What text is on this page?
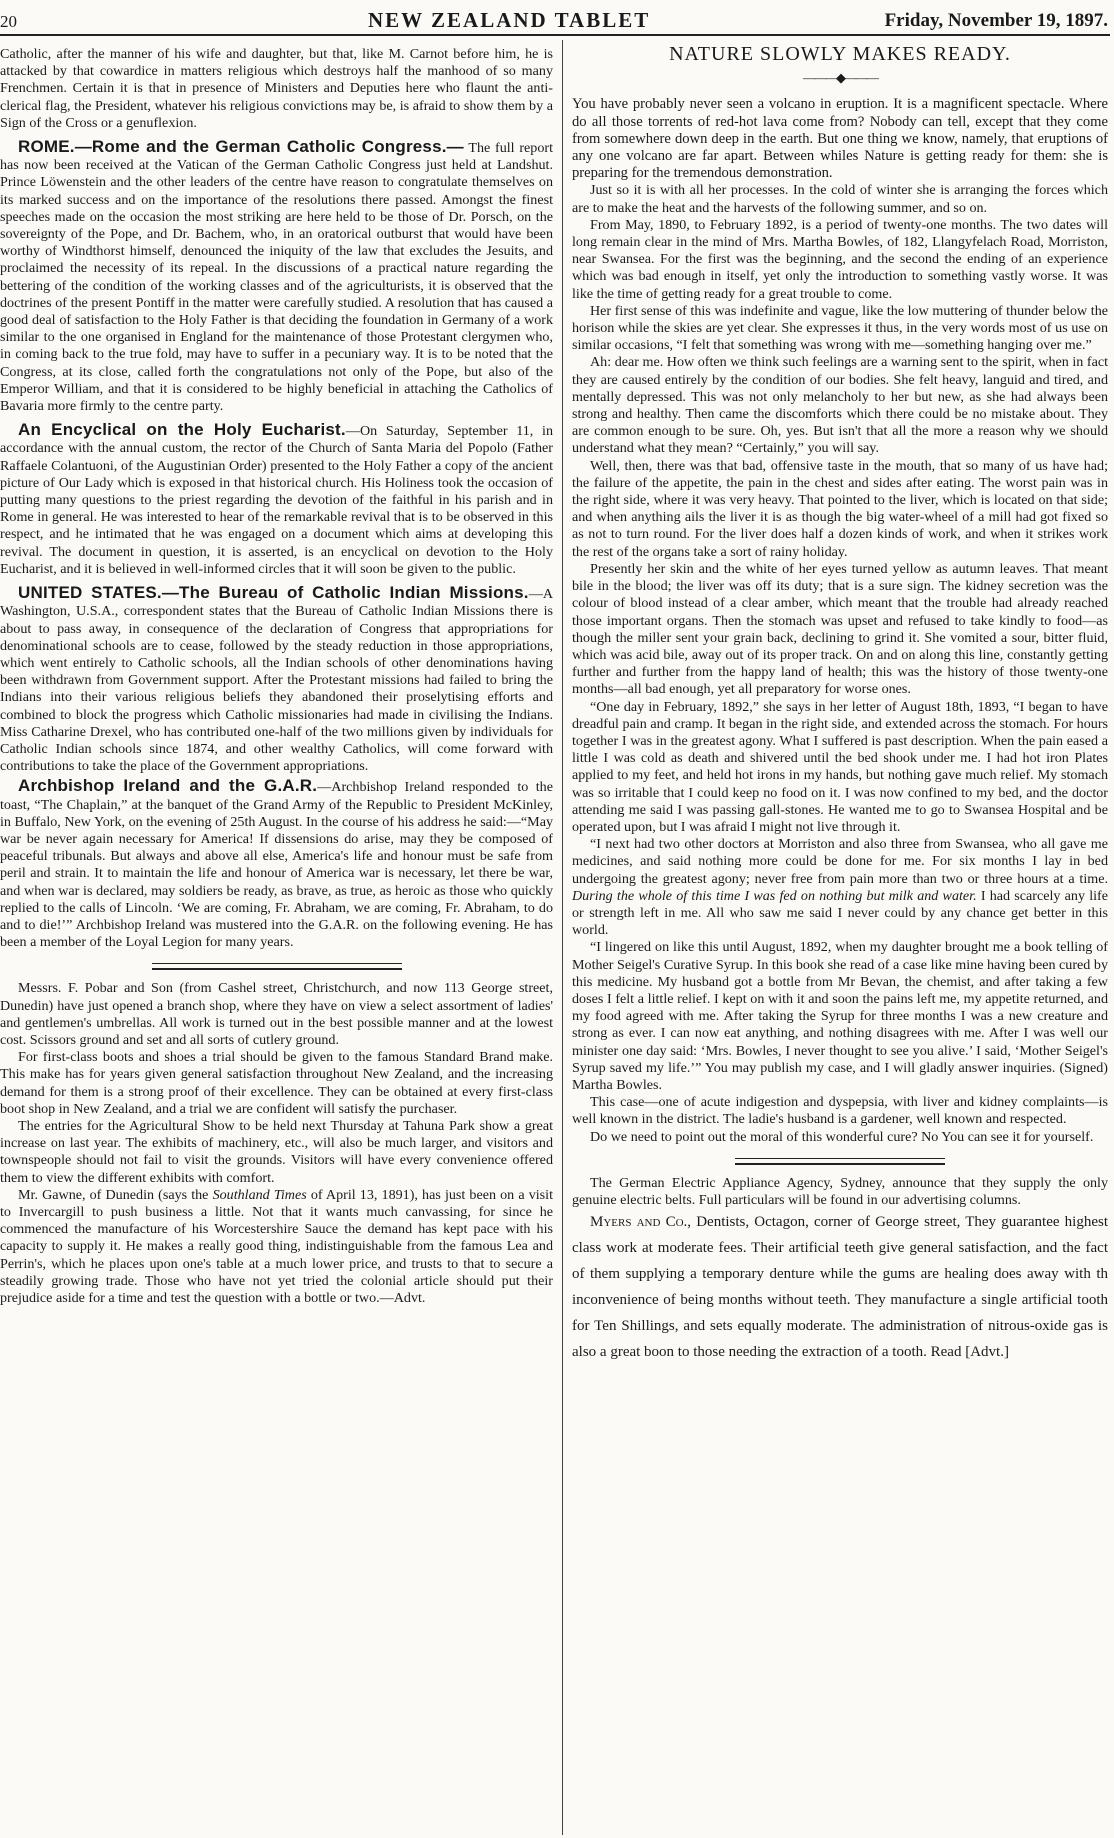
20	NEW ZEALAND TABLET	Friday, November 19, 1897.

Catholic, after the manner of his wife and daughter, but that, like M. Carnot before him, he is attacked by that cowardice in matters religious which destroys half the manhood of so many Frenchmen. Certain it is that in presence of Ministers and Deputies here who flaunt the anti-clerical flag, the President, whatever his religious convictions may be, is afraid to show them by a Sign of the Cross or a genuflexion.

ROME.—Rome and the German Catholic Congress.— The full report has now been received at the Vatican of the German Catholic Congress just held at Landshut. Prince Löwenstein and the other leaders of the centre have reason to congratulate themselves on its marked success and on the importance of the resolutions there passed. Amongst the finest speeches made on the occasion the most striking are here held to be those of Dr. Porsch, on the sovereignty of the Pope, and Dr. Bachem, who, in an oratorical outburst that would have been worthy of Windthorst himself, denounced the iniquity of the law that excludes the Jesuits, and proclaimed the necessity of its repeal. In the discussions of a practical nature regarding the bettering of the condition of the working classes and of the agriculturists, it is observed that the doctrines of the present Pontiff in the matter were carefully studied. A resolution that has caused a good deal of satisfaction to the Holy Father is that deciding the foundation in Germany of a work similar to the one organised in England for the maintenance of those Protestant clergymen who, in coming back to the true fold, may have to suffer in a pecuniary way. It is to be noted that the Congress, at its close, called forth the congratulations not only of the Pope, but also of the Emperor William, and that it is considered to be highly beneficial in attaching the Catholics of Bavaria more firmly to the centre party.

An Encyclical on the Holy Eucharist.—On Saturday, September 11, in accordance with the annual custom, the rector of the Church of Santa Maria del Popolo (Father Raffaele Colantuoni, of the Augustinian Order) presented to the Holy Father a copy of the ancient picture of Our Lady which is exposed in that historical church. His Holiness took the occasion of putting many questions to the priest regarding the devotion of the faithful in his parish and in Rome in general. He was interested to hear of the remarkable revival that is to be observed in this respect, and he intimated that he was engaged on a document which aims at developing this revival. The document in question, it is asserted, is an encyclical on devotion to the Holy Eucharist, and it is believed in well-informed circles that it will soon be given to the public.

UNITED STATES.—The Bureau of Catholic Indian Missions.—A Washington, U.S.A., correspondent states that the Bureau of Catholic Indian Missions there is about to pass away, in consequence of the declaration of Congress that appropriations for denominational schools are to cease, followed by the steady reduction in those appropriations, which went entirely to Catholic schools, all the Indian schools of other denominations having been withdrawn from Government support. After the Protestant missions had failed to bring the Indians into their various religious beliefs they abandoned their proselytising efforts and combined to block the progress which Catholic missionaries had made in civilising the Indians. Miss Catharine Drexel, who has contributed one-half of the two millions given by individuals for Catholic Indian schools since 1874, and other wealthy Catholics, will come forward with contributions to take the place of the Government appropriations.

Archbishop Ireland and the G.A.R.—Archbishop Ireland responded to the toast, “The Chaplain,” at the banquet of the Grand Army of the Republic to President McKinley, in Buffalo, New York, on the evening of 25th August. In the course of his address he said:—“May war be never again necessary for America! If dissensions do arise, may they be composed of peaceful tribunals. But always and above all else, America's life and honour must be safe from peril and strain. It to maintain the life and honour of America war is necessary, let there be war, and when war is declared, may soldiers be ready, as brave, as true, as heroic as those who quickly replied to the calls of Lincoln. ‘We are coming, Fr. Abraham, we are coming, Fr. Abraham, to do and to die!’” Archbishop Ireland was mustered into the G.A.R. on the following evening. He has been a member of the Loyal Legion for many years.

Messrs. F. Pobar and Son (from Cashel street, Christchurch, and now 113 George street, Dunedin) have just opened a branch shop, where they have on view a select assortment of ladies' and gentlemen's umbrellas. All work is turned out in the best possible manner and at the lowest cost. Scissors ground and set and all sorts of cutlery ground.

For first-class boots and shoes a trial should be given to the famous Standard Brand make. This make has for years given general satisfaction throughout New Zealand, and the increasing demand for them is a strong proof of their excellence. They can be obtained at every first-class boot shop in New Zealand, and a trial we are confident will satisfy the purchaser.

The entries for the Agricultural Show to be held next Thursday at Tahuna Park show a great increase on last year. The exhibits of machinery, etc., will also be much larger, and visitors and townspeople should not fail to visit the grounds. Visitors will have every convenience offered them to view the different exhibits with comfort.

Mr. Gawne, of Dunedin (says the Southland Times of April 13, 1891), has just been on a visit to Invercargill to push business a little. Not that it wants much canvassing, for since he commenced the manufacture of his Worcestershire Sauce the demand has kept pace with his capacity to supply it. He makes a really good thing, indistinguishable from the famous Lea and Perrin's, which he places upon one's table at a much lower price, and trusts to that to secure a steadily growing trade. Those who have not yet tried the colonial article should put their prejudice aside for a time and test the question with a bottle or two.—Advt.

NATURE SLOWLY MAKES READY.

———◆———

You have probably never seen a volcano in eruption. It is a magnificent spectacle. Where do all those torrents of red-hot lava come from? Nobody can tell, except that they come from somewhere down deep in the earth. But one thing we know, namely, that eruptions of any one volcano are far apart. Between whiles Nature is getting ready for them: she is preparing for the tremendous demonstration.

Just so it is with all her processes. In the cold of winter she is arranging the forces which are to make the heat and the harvests of the following summer, and so on.

From May, 1890, to February 1892, is a period of twenty-one months. The two dates will long remain clear in the mind of Mrs. Martha Bowles, of 182, Llangyfelach Road, Morriston, near Swansea. For the first was the beginning, and the second the ending of an experience which was bad enough in itself, yet only the introduction to something vastly worse. It was like the time of getting ready for a great trouble to come.

Her first sense of this was indefinite and vague, like the low muttering of thunder below the horison while the skies are yet clear. She expresses it thus, in the very words most of us use on similar occasions, “I felt that something was wrong with me—something hanging over me.”

Ah: dear me. How often we think such feelings are a warning sent to the spirit, when in fact they are caused entirely by the condition of our bodies. She felt heavy, languid and tired, and mentally depressed. This was not only melancholy to her but new, as she had always been strong and healthy. Then came the discomforts which there could be no mistake about. They are common enough to be sure. Oh, yes. But isn't that all the more a reason why we should understand what they mean? “Certainly,” you will say.

Well, then, there was that bad, offensive taste in the mouth, that so many of us have had; the failure of the appetite, the pain in the chest and sides after eating. The worst pain was in the right side, where it was very heavy. That pointed to the liver, which is located on that side; and when anything ails the liver it is as though the big water-wheel of a mill had got fixed so as not to turn round. For the liver does half a dozen kinds of work, and when it strikes work the rest of the organs take a sort of rainy holiday.

Presently her skin and the white of her eyes turned yellow as autumn leaves. That meant bile in the blood; the liver was off its duty; that is a sure sign. The kidney secretion was the colour of blood instead of a clear amber, which meant that the trouble had already reached those important organs. Then the stomach was upset and refused to take kindly to food—as though the miller sent your grain back, declining to grind it. She vomited a sour, bitter fluid, which was acid bile, away out of its proper track. On and on along this line, constantly getting further and further from the happy land of health; this was the history of those twenty-one months—all bad enough, yet all preparatory for worse ones.

“One day in February, 1892,” she says in her letter of August 18th, 1893, “I began to have dreadful pain and cramp. It began in the right side, and extended across the stomach. For hours together I was in the greatest agony. What I suffered is past description. When the pain eased a little I was cold as death and shivered until the bed shook under me. I had hot iron Plates applied to my feet, and held hot irons in my hands, but nothing gave much relief. My stomach was so irritable that I could keep no food on it. I was now confined to my bed, and the doctor attending me said I was passing gall-stones. He wanted me to go to Swansea Hospital and be operated upon, but I was afraid I might not live through it.

“I next had two other doctors at Morriston and also three from Swansea, who all gave me medicines, and said nothing more could be done for me. For six months I lay in bed undergoing the greatest agony; never free from pain more than two or three hours at a time. During the whole of this time I was fed on nothing but milk and water. I had scarcely any life or strength left in me. All who saw me said I never could by any chance get better in this world.

“I lingered on like this until August, 1892, when my daughter brought me a book telling of Mother Seigel's Curative Syrup. In this book she read of a case like mine having been cured by this medicine. My husband got a bottle from Mr Bevan, the chemist, and after taking a few doses I felt a little relief. I kept on with it and soon the pains left me, my appetite returned, and my food agreed with me. After taking the Syrup for three months I was a new creature and strong as ever. I can now eat anything, and nothing disagrees with me. After I was well our minister one day said: ‘Mrs. Bowles, I never thought to see you alive.’ I said, ‘Mother Seigel's Syrup saved my life.’” You may publish my case, and I will gladly answer inquiries. (Signed) Martha Bowles.

This case—one of acute indigestion and dyspepsia, with liver and kidney complaints—is well known in the district. The ladie's husband is a gardener, well known and respected.

Do we need to point out the moral of this wonderful cure? No You can see it for yourself.

The German Electric Appliance Agency, Sydney, announce that they supply the only genuine electric belts. Full particulars will be found in our advertising columns.

Myers and Co., Dentists, Octagon, corner of George street, They guarantee highest class work at moderate fees. Their artificial teeth give general satisfaction, and the fact of them supplying a temporary denture while the gums are healing does away with th inconvenience of being months without teeth. They manufacture a single artificial tooth for Ten Shillings, and sets equally moderate. The administration of nitrous-oxide gas is also a great boon to those needing the extraction of a tooth. Read [Advt.]
